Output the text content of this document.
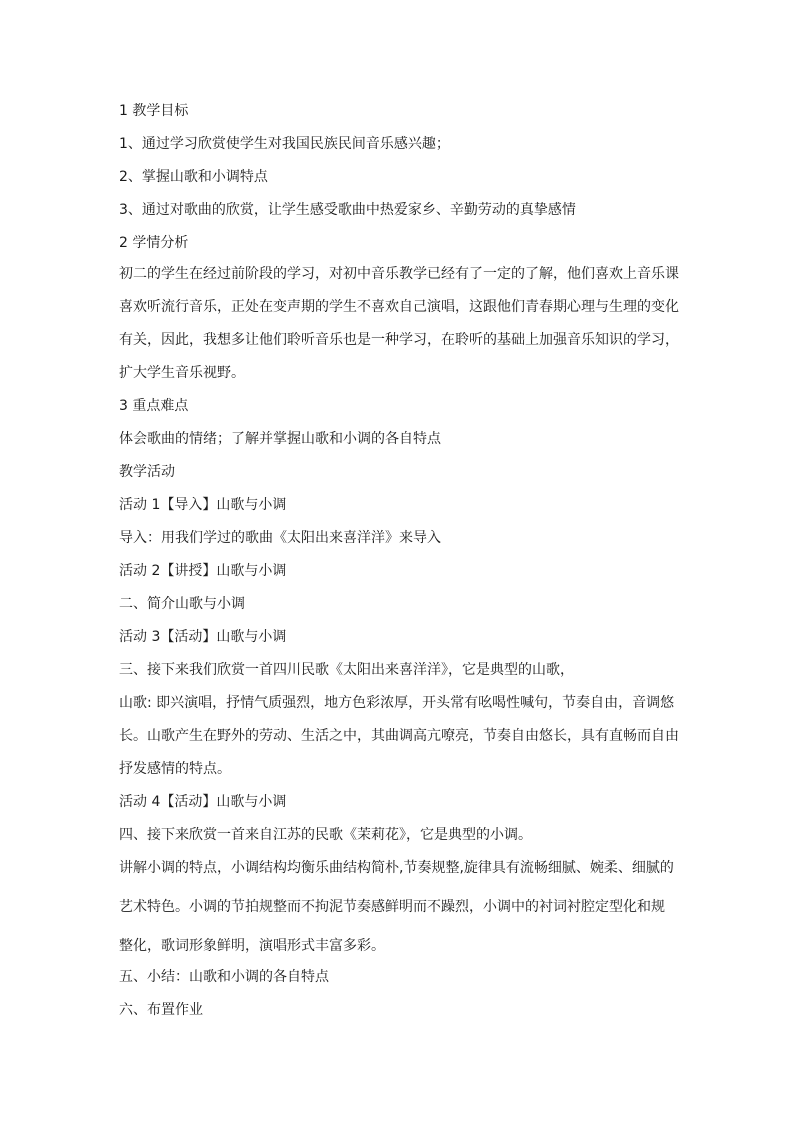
1 教学目标
1、通过学习欣赏使学生对我国民族民间音乐感兴趣；
2、掌握山歌和小调特点
3、通过对歌曲的欣赏，让学生感受歌曲中热爱家乡、辛勤劳动的真挚感情
2 学情分析
初二的学生在经过前阶段的学习，对初中音乐教学已经有了一定的了解，他们喜欢上音乐课
喜欢听流行音乐，正处在变声期的学生不喜欢自己演唱，这跟他们青春期心理与生理的变化
有关，因此，我想多让他们聆听音乐也是一种学习，在聆听的基础上加强音乐知识的学习，
扩大学生音乐视野。
3 重点难点
体会歌曲的情绪；了解并掌握山歌和小调的各自特点
教学活动
活动 1【导入】山歌与小调
导入：用我们学过的歌曲《太阳出来喜洋洋》来导入
活动 2【讲授】山歌与小调
二、简介山歌与小调
活动 3【活动】山歌与小调
三、接下来我们欣赏一首四川民歌《太阳出来喜洋洋》，它是典型的山歌，
山歌: 即兴演唱，抒情气质强烈，地方色彩浓厚，开头常有吆喝性喊句，节奏自由，音调悠
长。山歌产生在野外的劳动、生活之中，其曲调高亢嘹亮，节奏自由悠长，具有直畅而自由
抒发感情的特点。
活动 4【活动】山歌与小调
四、接下来欣赏一首来自江苏的民歌《茉莉花》，它是典型的小调。
讲解小调的特点，小调结构均衡乐曲结构简朴,节奏规整,旋律具有流畅细腻、婉柔、细腻的
艺术特色。小调的节拍规整而不拘泥节奏感鲜明而不躁烈，小调中的衬词衬腔定型化和规
整化，歌词形象鲜明，演唱形式丰富多彩。
五、小结：山歌和小调的各自特点
六、布置作业
